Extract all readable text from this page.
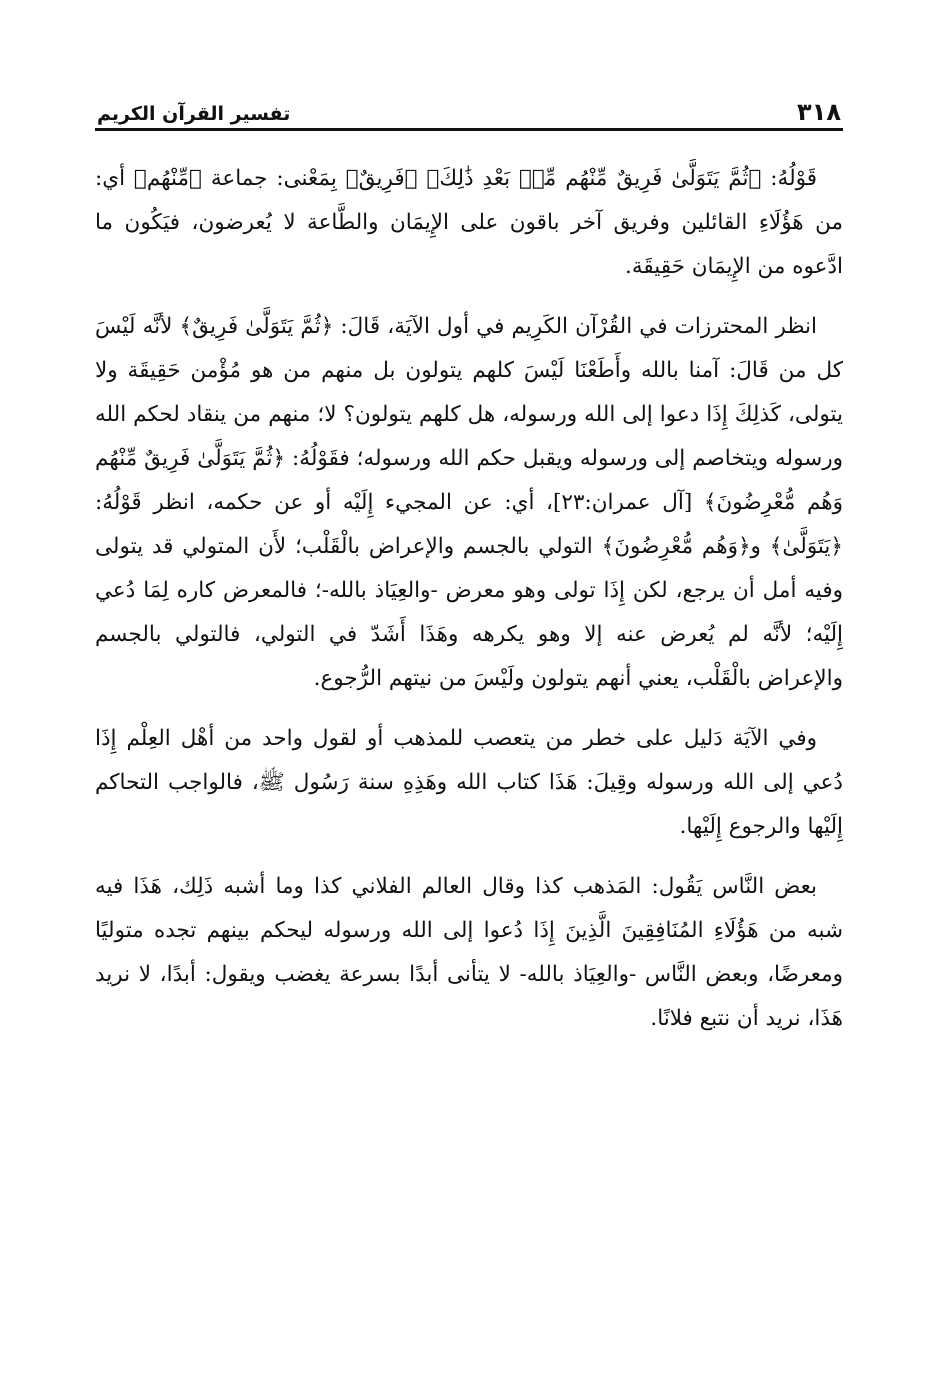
٣١٨
تفسير القرآن الكريم

قَوْلُهُ: ﴿ثُمَّ يَتَوَلَّىٰ فَرِيقٌ مِّنْهُم مِّنۢ بَعْدِ ذَٰلِكَ﴾ ﴿فَرِيقٌ﴾ بِمَعْنى: جماعة ﴿مِّنْهُم﴾ أي: من هَؤُلَاءِ القائلين وفريق آخر باقون على الإِيمَان والطَّاعة لا يُعرضون، فيَكُون ما ادَّعوه من الإِيمَان حَقِيقَة.

انظر المحترزات في القُرْآن الكَرِيم في أول الآيَة، قَالَ: ﴿ثُمَّ يَتَوَلَّىٰ فَرِيقٌ﴾ لأنَّه لَيْسَ كل من قَالَ: آمنا بالله وأَطَعْنَا لَيْسَ كلهم يتولون بل منهم من هو مُؤْمن حَقِيقَة ولا يتولى، كَذلِكَ إِذَا دعوا إلى الله ورسوله، هل كلهم يتولون؟ لا؛ منهم من ينقاد لحكم الله ورسوله ويتخاصم إلى ورسوله ويقبل حكم الله ورسوله؛ فقَوْلُهُ: ﴿ثُمَّ يَتَوَلَّىٰ فَرِيقٌ مِّنْهُم وَهُم مُّعْرِضُونَ﴾ [آل عمران:٢٣]، أي: عن المجيء إِلَيْه أو عن حكمه، انظر قَوْلُهُ: ﴿يَتَوَلَّىٰ﴾ و﴿وَهُم مُّعْرِضُونَ﴾ التولي بالجسم والإعراض بالْقَلْب؛ لأَن المتولي قد يتولى وفيه أمل أن يرجع، لكن إِذَا تولى وهو معرض -والعِيَاذ بالله-؛ فالمعرض كاره لِمَا دُعي إِلَيْه؛ لأنَّه لم يُعرض عنه إلا وهو يكرهه وهَذَا أَشَدّ في التولي، فالتولي بالجسم والإعراض بالْقَلْب، يعني أنهم يتولون ولَيْسَ من نيتهم الرُّجوع.

وفي الآيَة دَليل على خطر من يتعصب للمذهب أو لقول واحد من أهْل العِلْم إِذَا دُعي إلى الله ورسوله وقِيلَ: هَذَا كتاب الله وهَذِهِ سنة رَسُول ﷺ، فالواجب التحاكم إِلَيْها والرجوع إِلَيْها.

بعض النَّاس يَقُول: المَذهب كذا وقال العالم الفلاني كذا وما أشبه ذَلِك، هَذَا فيه شبه من هَؤُلَاءِ المُنَافِقِينَ الَّذِينَ إِذَا دُعوا إلى الله ورسوله ليحكم بينهم تجده متوليًا ومعرضًا، وبعض النَّاس -والعِيَاذ بالله- لا يتأنى أبدًا بسرعة يغضب ويقول: أبدًا، لا نريد هَذَا، نريد أن نتبع فلانًا.
